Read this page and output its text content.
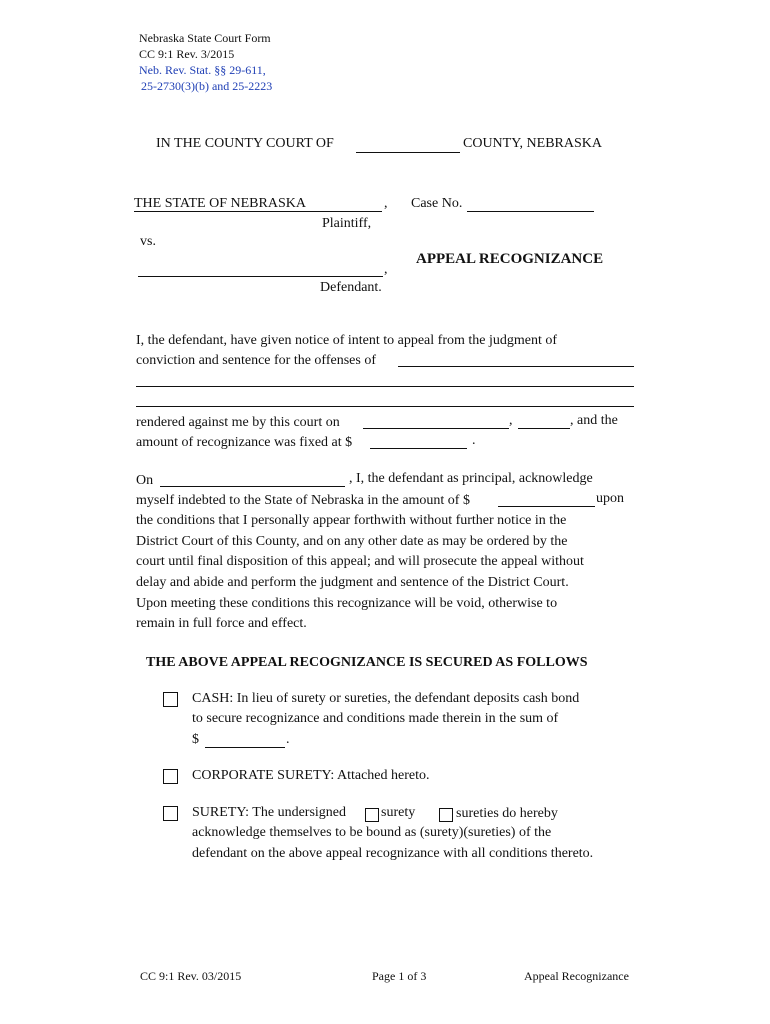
Nebraska State Court Form
CC 9:1 Rev. 3/2015
Neb. Rev. Stat. §§ 29-611,
25-2730(3)(b) and 25-2223
IN THE COUNTY COURT OF	COUNTY, NEBRASKA
THE STATE OF NEBRASKA	,
Plaintiff,
vs.
,
Defendant.
Case No.
APPEAL RECOGNIZANCE
I, the defendant, have given notice of intent to appeal from the judgment of
conviction and sentence for the offenses of
rendered against me by this court on	,	, and the
amount of recognizance was fixed at $	.
On	, I, the defendant as principal, acknowledge
myself indebted to the State of Nebraska in the amount of $	upon
the conditions that I personally appear forthwith without further notice in the
District Court of this County, and on any other date as may be ordered by the
court until final disposition of this appeal; and will prosecute the appeal without
delay and abide and perform the judgment and sentence of the District Court.
Upon meeting these conditions this recognizance will be void, otherwise to
remain in full force and effect.
THE ABOVE APPEAL RECOGNIZANCE IS SECURED AS FOLLOWS
CASH: In lieu of surety or sureties, the defendant deposits cash bond
to secure recognizance and conditions made therein in the sum of
$	.
CORPORATE SURETY: Attached hereto.
SURETY: The undersigned	surety	sureties do hereby
acknowledge themselves to be bound as (surety)(sureties) of the
defendant on the above appeal recognizance with all conditions thereto.
CC 9:1 Rev. 03/2015	Page 1 of 3	Appeal Recognizance
